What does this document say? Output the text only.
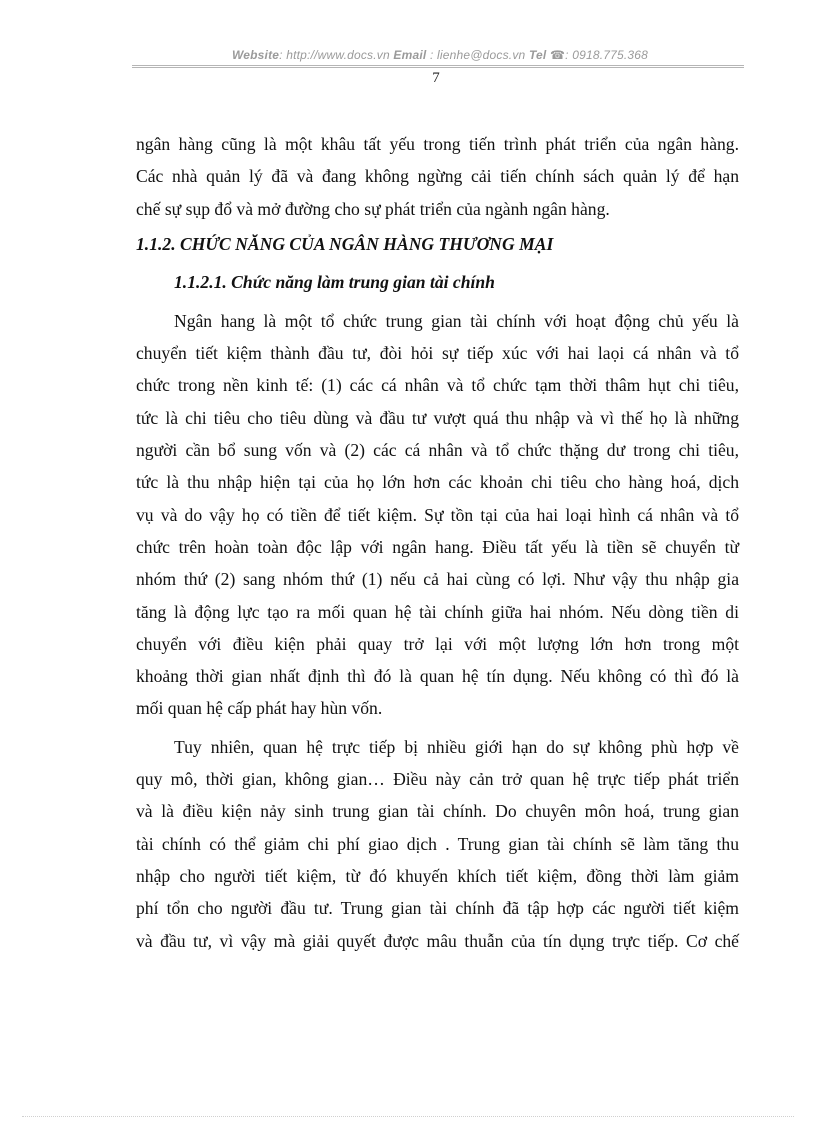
Website: http://www.docs.vn Email : lienhe@docs.vn Tel ☎: 0918.775.368
7
ngân hàng cũng là một khâu tất yếu trong tiến trình phát triển của ngân hàng.
Các nhà quản lý đã và đang không ngừng cải tiến chính sách quản lý để hạn
chế sự sụp đổ và mở đường cho sự phát triển của ngành ngân hàng.
1.1.2. CHỨC NĂNG CỦA NGÂN HÀNG THƯƠNG MẠI
1.1.2.1. Chức năng làm trung gian tài chính
Ngân hang là một tổ chức trung gian tài chính với hoạt động chủ yếu là
chuyển tiết kiệm thành đầu tư, đòi hỏi sự tiếp xúc với hai laọi cá nhân và tổ
chức trong nền kinh tế: (1) các cá nhân và tổ chức tạm thời thâm hụt chi tiêu,
tức là chi tiêu cho tiêu dùng và đầu tư vượt quá thu nhập và vì thế họ là những
người cần bổ sung vốn và (2) các cá nhân và tổ chức thặng dư trong chi tiêu,
tức là thu nhập hiện tại của họ lớn hơn các khoản chi tiêu cho hàng hoá, dịch
vụ và do vậy họ có tiền để tiết kiệm. Sự tồn tại của hai loại hình cá nhân và tổ
chức trên hoàn toàn độc lập với ngân hang. Điều tất yếu là tiền sẽ chuyển từ
nhóm thứ (2) sang nhóm thứ (1) nếu cả hai cùng có lợi. Như vậy thu nhập gia
tăng là động lực tạo ra mối quan hệ tài chính giữa hai nhóm. Nếu dòng tiền di
chuyển với điều kiện phải quay trở lại với một lượng lớn hơn trong một
khoảng thời gian nhất định thì đó là quan hệ tín dụng. Nếu không có thì đó là
mối quan hệ cấp phát hay hùn vốn.
Tuy nhiên, quan hệ trực tiếp bị nhiều giới hạn do sự không phù hợp về
quy mô, thời gian, không gian… Điều này cản trở quan hệ trực tiếp phát triển
và là điều kiện nảy sinh trung gian tài chính. Do chuyên môn hoá, trung gian
tài chính có thể giảm chi phí giao dịch . Trung gian tài chính sẽ làm tăng thu
nhập cho người tiết kiệm, từ đó khuyến khích tiết kiệm, đồng thời làm giảm
phí tổn cho người đầu tư. Trung gian tài chính đã tập hợp các người tiết kiệm
và đầu tư, vì vậy mà giải quyết được mâu thuẫn của tín dụng trực tiếp. Cơ chế
